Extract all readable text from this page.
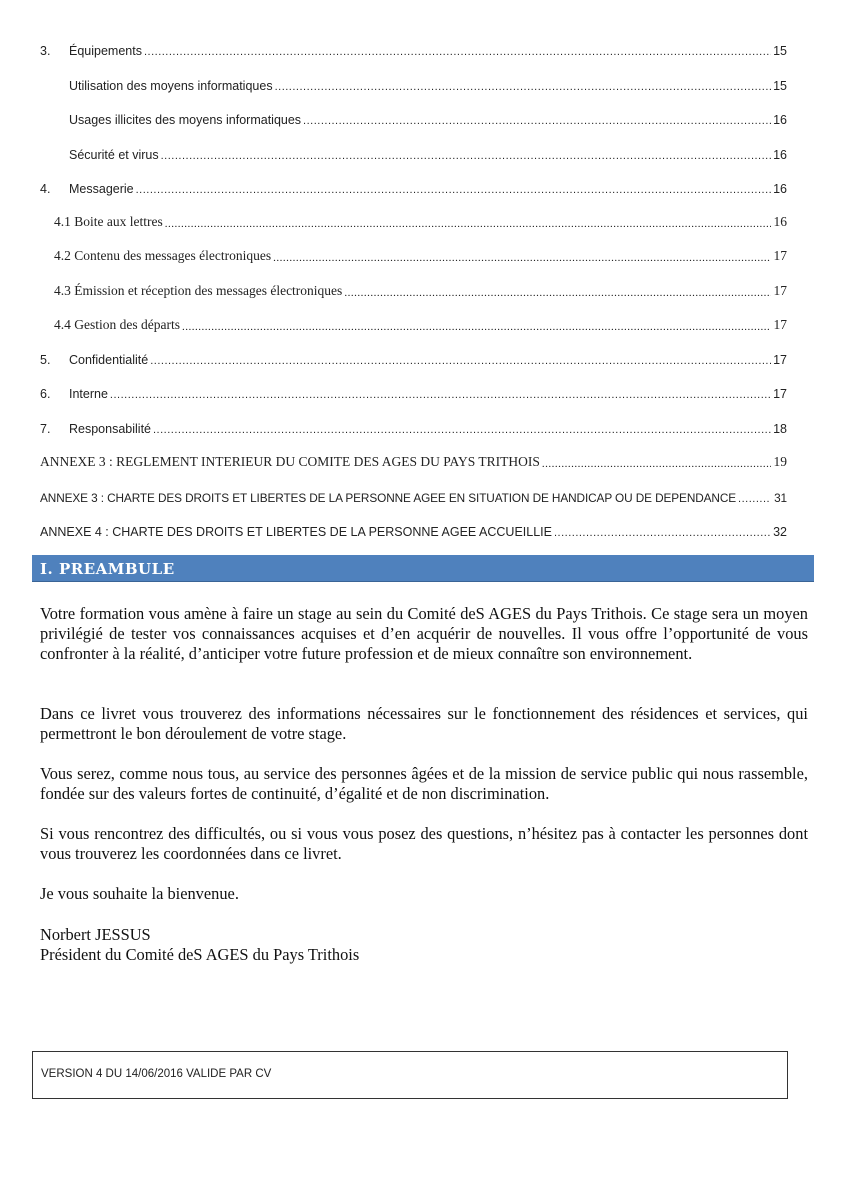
3.	Équipements .....	15
Utilisation des moyens informatiques .....	15
Usages illicites des moyens informatiques .....	16
Sécurité et virus .....	16
4.	Messagerie .....	16
4.1 Boite aux lettres .....	16
4.2 Contenu des messages électroniques .....	17
4.3 Émission et réception des messages électroniques .....	17
4.4 Gestion des départs .....	17
5.	Confidentialité .....	17
6.	Interne .....	17
7.	Responsabilité .....	18
ANNEXE 3 : REGLEMENT INTERIEUR DU COMITE DES AGES DU PAYS TRITHOIS .....	19
ANNEXE 3 : CHARTE DES DROITS ET LIBERTES DE LA PERSONNE AGEE EN SITUATION DE HANDICAP OU DE DEPENDANCE .....	31
ANNEXE 4 : CHARTE DES DROITS ET LIBERTES DE LA PERSONNE AGEE ACCUEILLIE .....	32
I. PREAMBULE

Votre formation vous amène à faire un stage au sein du Comité deS AGES du Pays Trithois. Ce stage sera un moyen privilégié de tester vos connaissances acquises et d’en acquérir de nouvelles. Il vous offre l’opportunité de vous confronter à la réalité, d’anticiper votre future profession et de mieux connaître son environnement.

Dans ce livret vous trouverez des informations nécessaires sur le fonctionnement des résidences et services, qui permettront le bon déroulement de votre stage.

Vous serez, comme nous tous, au service des personnes âgées et de la mission de service public qui nous rassemble, fondée sur des valeurs fortes de continuité, d’égalité et de non discrimination.

Si vous rencontrez des difficultés, ou si vous vous posez des questions, n’hésitez pas à contacter les personnes dont vous trouverez les coordonnées dans ce livret.

Je vous souhaite la bienvenue.

Norbert JESSUS

Président du Comité deS AGES du Pays Trithois

VERSION 4 DU 14/06/2016 VALIDE PAR CV
